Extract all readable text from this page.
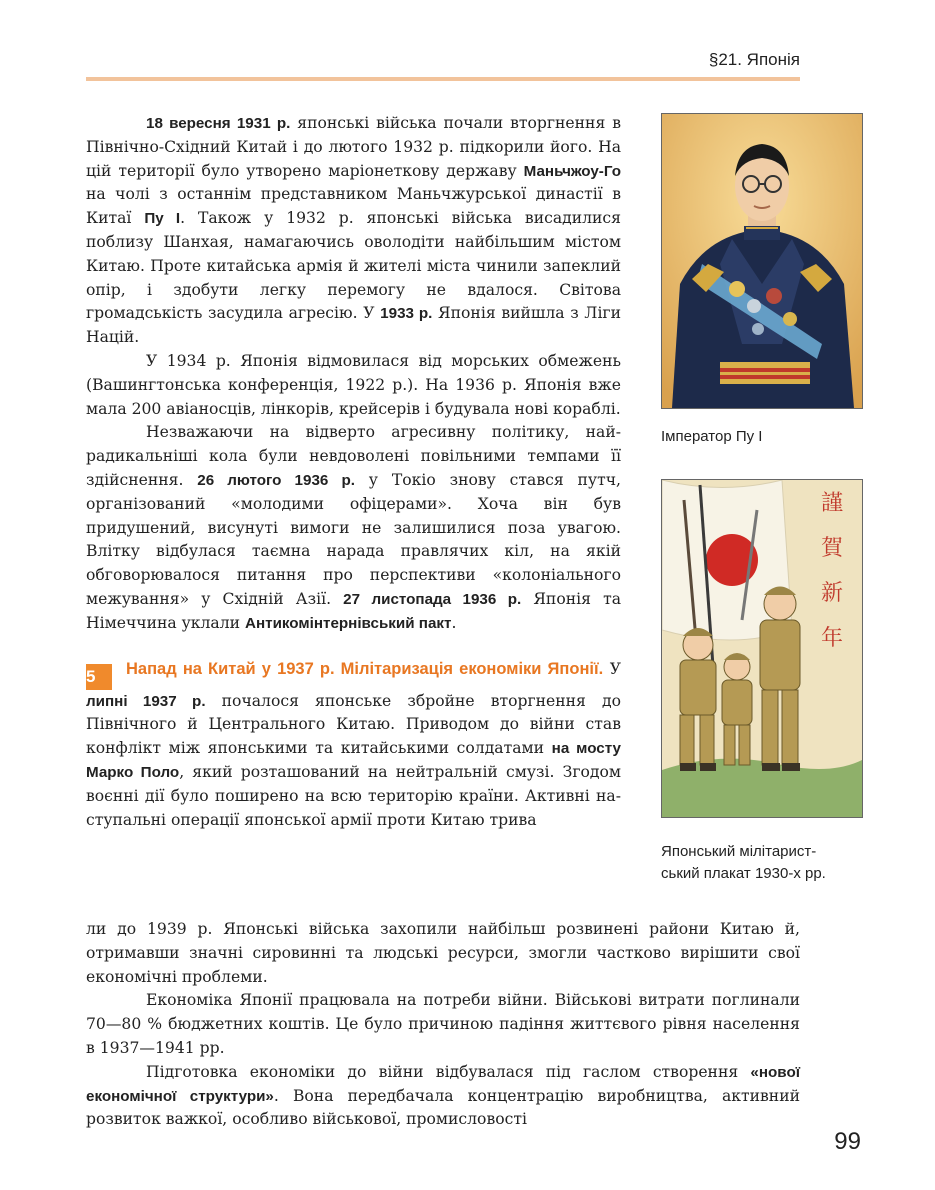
§21. Японія

18 вересня 1931 р. японські війська почали вторгнення в Північно-Східний Китай і до лютого 1932 р. підкорили його. На цій території було утворено маріонеткову державу Маньчжоу-Го на чолі з останнім представником Маньчжурської династії в Китаї Пу І. Також у 1932 р. японські війська висадилися поблизу Шанхая, намагаючись оволодіти найбільшим містом Китаю. Проте китайська армія й жителі міста чинили запеклий опір, і здобути легку перемогу не вдалося. Світова громадськість засудила агресію. У 1933 р. Японія вийшла з Ліги Націй.

У 1934 р. Японія відмовилася від морських обмежень (Вашингтонська конференція, 1922 р.). На 1936 р. Японія вже мала 200 авіаносців, лінкорів, крейсерів і будувала нові кораблі.

Незважаючи на відверто агресивну політику, найрадикальніші кола були невдоволені повільними темпами її здійснення. 26 лютого 1936 р. у Токіо знову стався путч, організований «молодими офіцерами». Хоча він був придушений, висунуті вимоги не залишилися поза увагою. Влітку відбулася таємна нарада правлячих кіл, на якій обговорювалося питання про перспективи «колоніального межування» у Східній Азії. 27 листопада 1936 р. Японія та Німеччина уклали Антикомінтернівський пакт.

5 Напад на Китай у 1937 р. Мілітаризація економіки Японії. У липні 1937 р. почалося японське збройне вторгнення до Північного й Центрального Китаю. Приводом до війни став конфлікт між японськими та китайськими солдатами на мосту Марко Поло, який розташований на нейтральній смузі. Згодом воєнні дії було поширено на всю територію країни. Активні наступальні операції японської армії проти Китаю трива

ли до 1939 р. Японські війська захопили найбільш розвинені райони Китаю й, отримавши значні сировинні та людські ресурси, змогли частково вирішити свої економічні проблеми.

Економіка Японії працювала на потреби війни. Військові витрати поглинали 70—80 % бюджетних коштів. Це було причиною падіння життєвого рівня населення в 1937—1941 рр.

Підготовка економіки до війни відбувалася під гаслом створення «нової економічної структури». Вона передбачала концентрацію виробництва, активний розвиток важкої, особливо військової, промисловості

Імператор Пу І
謹
賀
新
年
Японський мілітарист-
ський плакат 1930-х рр.
99
